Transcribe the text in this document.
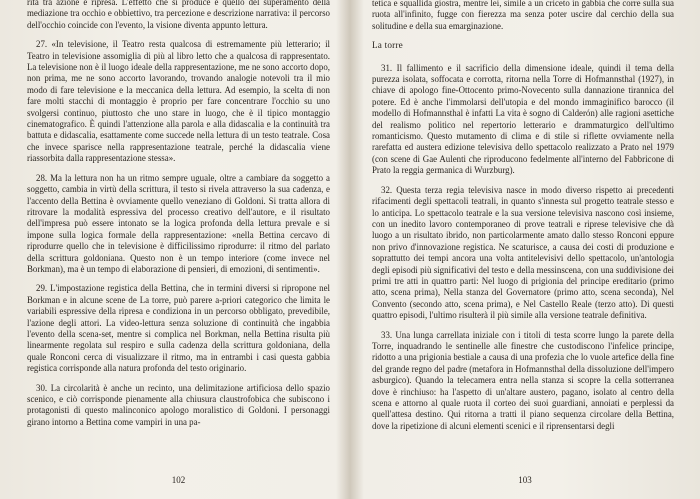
rità tra azione e ripresa. L'effetto che si produce è quello del superamento della mediazione tra occhio e obbiettivo, tra percezione e descrizione narrativa: il percorso dell'occhio coincide con l'evento, la visione diventa appunto lettura.

27. «In televisione, il Teatro resta qualcosa di estremamente più letterario; il Teatro in televisione assomiglia di più al libro letto che a qualcosa di rappresentato. La televisione non è il luogo ideale della rappresentazione, me ne sono accorto dopo, non prima, me ne sono accorto lavorando, trovando analogie notevoli tra il mio modo di fare televisione e la meccanica della lettura. Ad esempio, la scelta di non fare molti stacchi di montaggio è proprio per fare concentrare l'occhio su uno svolgersi continuo, piuttosto che uno stare in luogo, che è il tipico montaggio cinematografico. È quindi l'attenzione alla parola e alla didascalia e la continuità tra battuta e didascalia, esattamente come succede nella lettura di un testo teatrale. Cosa che invece sparisce nella rappresentazione teatrale, perché la didascalia viene riassorbita dalla rappresentazione stessa».

28. Ma la lettura non ha un ritmo sempre uguale, oltre a cambiare da soggetto a soggetto, cambia in virtù della scrittura, il testo si rivela attraverso la sua cadenza, e l'accento della Bettina è ovviamente quello veneziano di Goldoni. Si tratta allora di ritrovare la modalità espressiva del processo creativo dell'autore, e il risultato dell'impresa può essere intonato se la logica profonda della lettura prevale e si impone sulla logica formale della rappresentazione: «nella Bettina cercavo di riprodurre quello che in televisione è difficilissimo riprodurre: il ritmo del parlato della scrittura goldoniana. Questo non è un tempo interiore (come invece nel Borkman), ma è un tempo di elaborazione di pensieri, di emozioni, di sentimenti».

29. L'impostazione registica della Bettina, che in termini diversi si ripropone nel Borkman e in alcune scene de La torre, può parere a-priori categorico che limita le variabili espressive della ripresa e condiziona in un percorso obbligato, prevedibile, l'azione degli attori. La video-lettura senza soluzione di continuità che ingabbia l'evento della scena-set, mentre si complica nel Borkman, nella Bettina risulta più linearmente regolata sul respiro e sulla cadenza della scrittura goldoniana, della quale Ronconi cerca di visualizzare il ritmo, ma in entrambi i casi questa gabbia registica corrisponde alla natura profonda del testo originario.

30. La circolarità è anche un recinto, una delimitazione artificiosa dello spazio scenico, e ciò corrisponde pienamente alla chiusura claustrofobica che subiscono i protagonisti di questo malinconico apologo moralistico di Goldoni. I personaggi girano intorno a Bettina come vampiri in una pa-

102

tetica e squallida giostra, mentre lei, simile a un criceto in gabbia che corre sulla sua ruota all'infinito, fugge con fierezza ma senza poter uscire dal cerchio della sua solitudine e della sua emarginazione.

La torre

31. Il fallimento e il sacrificio della dimensione ideale, quindi il tema della purezza isolata, soffocata e corrotta, ritorna nella Torre di Hofmannsthal (1927), in chiave di apologo fine-Ottocento primo-Novecento sulla dannazione tirannica del potere. Ed è anche l'immolarsi dell'utopia e del mondo immaginifico barocco (il modello di Hofmannsthal è infatti La vita è sogno di Calderón) alle ragioni asettiche del realismo politico nel repertorio letterario e drammaturgico dell'ultimo romanticismo. Questo mutamento di clima e di stile si riflette ovviamente nella rarefatta ed austera edizione televisiva dello spettacolo realizzato a Prato nel 1979 (con scene di Gae Aulenti che riproducono fedelmente all'interno del Fabbricone di Prato la reggia germanica di Wurzburg).

32. Questa terza regia televisiva nasce in modo diverso rispetto ai precedenti rifacimenti degli spettacoli teatrali, in quanto s'innesta sul progetto teatrale stesso e lo anticipa. Lo spettacolo teatrale e la sua versione televisiva nascono così insieme, con un inedito lavoro contemporaneo di prove teatrali e riprese televisive che dà luogo a un risultato ibrido, non particolarmente amato dallo stesso Ronconi eppure non privo d'innovazione registica. Ne scaturisce, a causa dei costi di produzione e soprattutto dei tempi ancora una volta antitelevisivi dello spettacolo, un'antologia degli episodi più significativi del testo e della messinscena, con una suddivisione dei primi tre atti in quattro parti: Nel luogo di prigionia del principe ereditario (primo atto, scena prima), Nella stanza del Governatore (primo atto, scena seconda), Nel Convento (secondo atto, scena prima), e Nel Castello Reale (terzo atto). Di questi quattro episodi, l'ultimo risulterà il più simile alla versione teatrale definitiva.

33. Una lunga carrellata iniziale con i titoli di testa scorre lungo la parete della Torre, inquadrando le sentinelle alle finestre che custodiscono l'infelice principe, ridotto a una prigionia bestiale a causa di una profezia che lo vuole artefice della fine del grande regno del padre (metafora in Hofmannsthal della dissoluzione dell'impero asburgico). Quando la telecamera entra nella stanza si scopre la cella sotterranea dove è rinchiuso: ha l'aspetto di un'altare austero, pagano, isolato al centro della scena e attorno al quale ruota il corteo dei suoi guardiani, annoiati e perplessi da quell'attesa destino. Qui ritorna a tratti il piano sequenza circolare della Bettina, dove la ripetizione di alcuni elementi scenici e il riprensentarsi degli

103
